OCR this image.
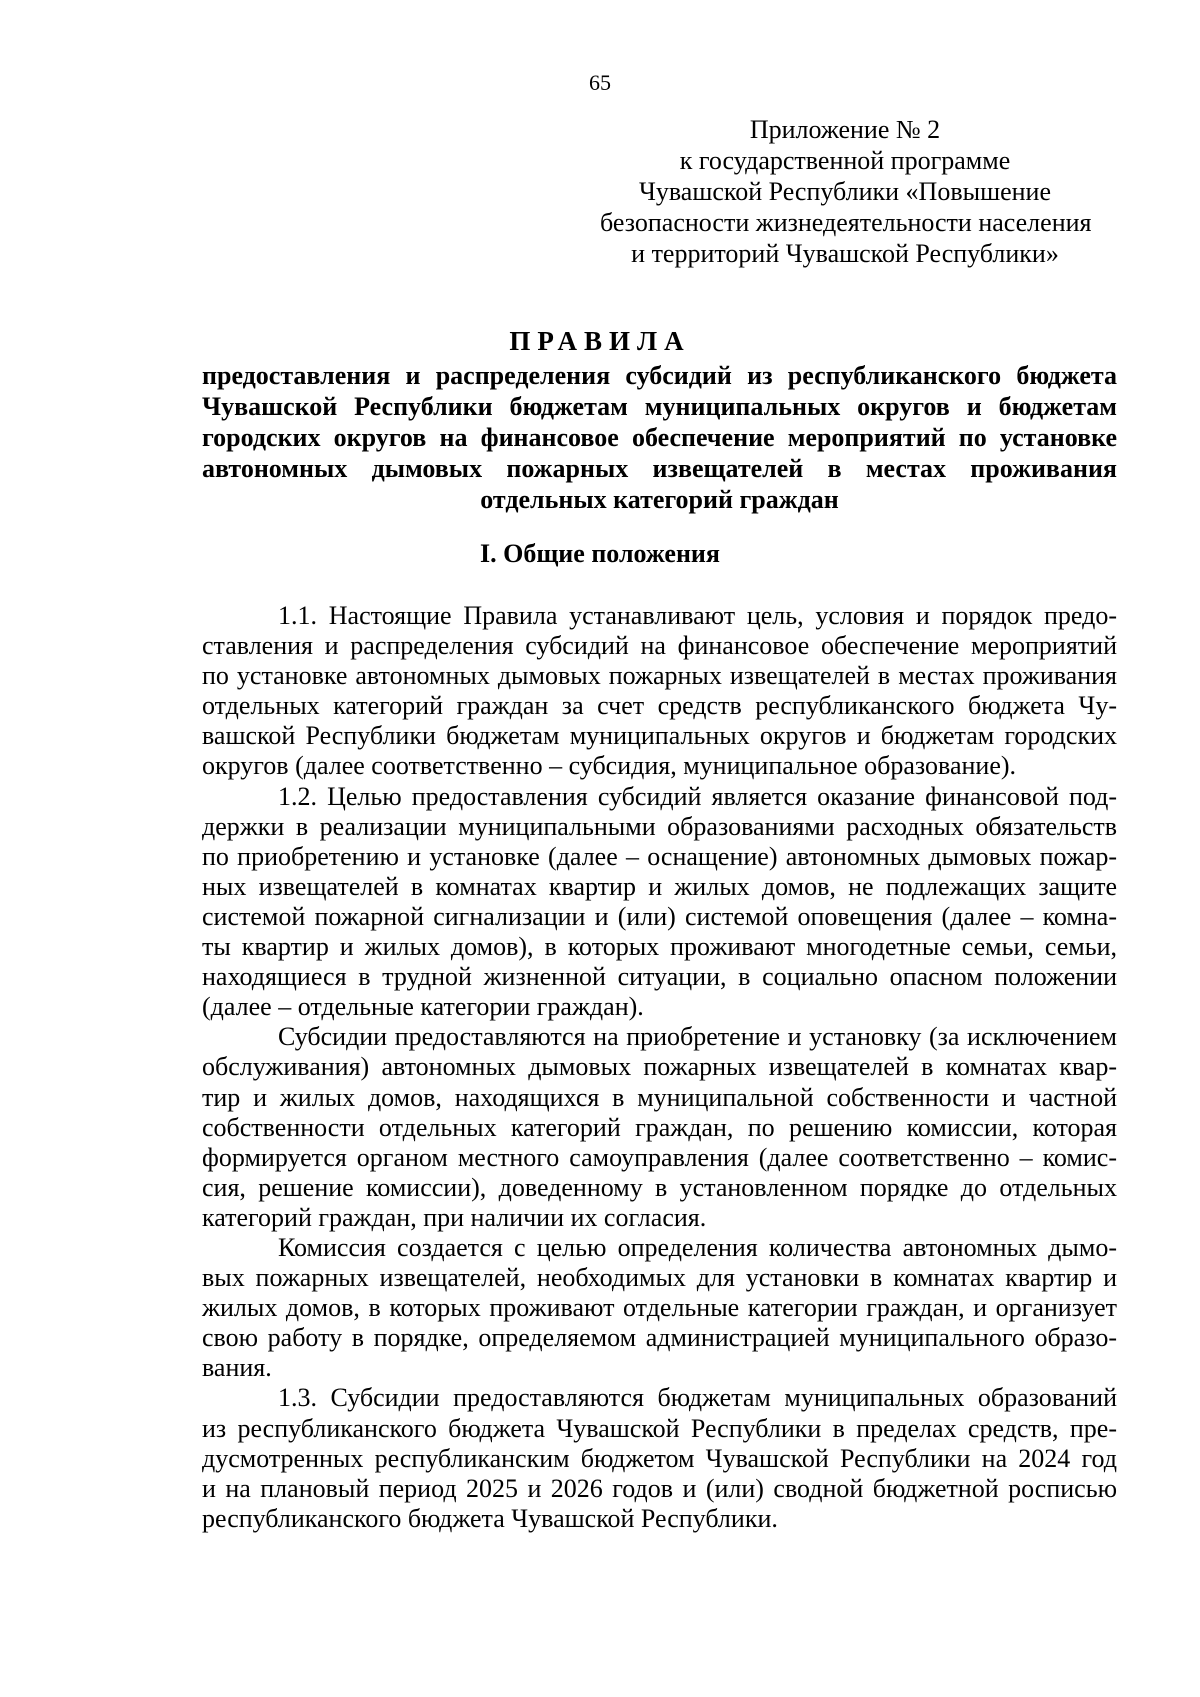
65
Приложение № 2
к государственной программе
Чувашской Республики «Повышение
безопасности жизнедеятельности населения
и территорий Чувашской Республики»
ПРАВИЛА
предоставления и распределения субсидий из республиканского бюджета
Чувашской Республики бюджетам муниципальных округов и бюджетам
городских округов на финансовое обеспечение мероприятий по установке
автономных дымовых пожарных извещателей в местах проживания
отдельных категорий граждан
I. Общие положения
1.1. Настоящие Правила устанавливают цель, условия и порядок предо-
ставления и распределения субсидий на финансовое обеспечение мероприятий
по установке автономных дымовых пожарных извещателей в местах проживания
отдельных категорий граждан за счет средств республиканского бюджета Чу-
вашской Республики бюджетам муниципальных округов и бюджетам городских
округов (далее соответственно – субсидия, муниципальное образование).
1.2. Целью предоставления субсидий является оказание финансовой под-
держки в реализации муниципальными образованиями расходных обязательств
по приобретению и установке (далее – оснащение) автономных дымовых пожар-
ных извещателей в комнатах квартир и жилых домов, не подлежащих защите
системой пожарной сигнализации и (или) системой оповещения (далее – комна-
ты квартир и жилых домов), в которых проживают многодетные семьи, семьи,
находящиеся в трудной жизненной ситуации, в социально опасном положении
(далее – отдельные категории граждан).
Субсидии предоставляются на приобретение и установку (за исключением
обслуживания) автономных дымовых пожарных извещателей в комнатах квар-
тир и жилых домов, находящихся в муниципальной собственности и частной
собственности отдельных категорий граждан, по решению комиссии, которая
формируется органом местного самоуправления (далее соответственно – комис-
сия, решение комиссии), доведенному в установленном порядке до отдельных
категорий граждан, при наличии их согласия.
Комиссия создается с целью определения количества автономных дымо-
вых пожарных извещателей, необходимых для установки в комнатах квартир и
жилых домов, в которых проживают отдельные категории граждан, и организует
свою работу в порядке, определяемом администрацией муниципального образо-
вания.
1.3. Субсидии предоставляются бюджетам муниципальных образований
из республиканского бюджета Чувашской Республики в пределах средств, пре-
дусмотренных республиканским бюджетом Чувашской Республики на 2024 год
и на плановый период 2025 и 2026 годов и (или) сводной бюджетной росписью
республиканского бюджета Чувашской Республики.
